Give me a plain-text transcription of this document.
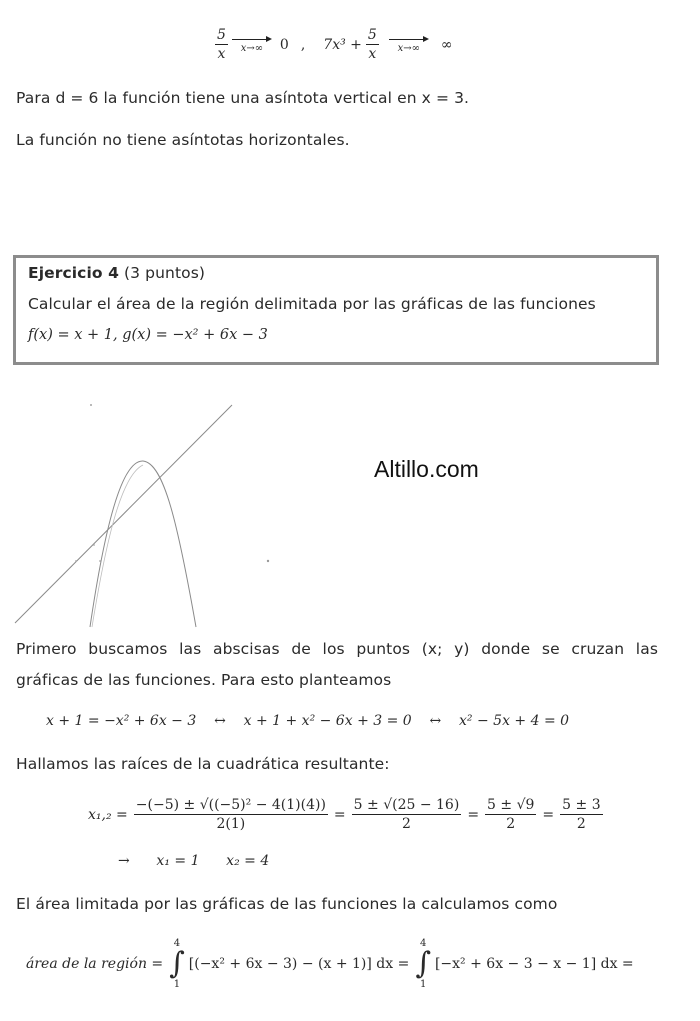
$\frac{5}{x} x\to\infty$ 0 , $7x^3 + \frac{5}{x} x\to\infty$ ∞
Para d = 6 la función tiene una asíntota vertical en x = 3.
La función no tiene asíntotas horizontales.
Ejercicio 4 (3 puntos)
Calcular el área de la región delimitada por las gráficas de las funciones
f(x) = x + 1, g(x) = −x² + 6x − 3
Altillo.com
Primero buscamos las abscisas de los puntos (x; y) donde se cruzan las
gráficas de las funciones. Para esto planteamos
x + 1 = −x² + 6x − 3    ↔    x + 1 + x² − 6x + 3 = 0    ↔    x² − 5x + 4 = 0
Hallamos las raíces de la cuadrática resultante:
$x_1,_2 = \frac{\text{−(−5) ± √((−5)² − 4(1)(4))}}{2(1)} = \frac{5 \pm √(25 - 16)}{2} = \frac{5 \pm √9}{2} = \frac{5 \pm 3}{2}$
→      x₁ = 1      x₂ = 4
El área limitada por las gráficas de las funciones la calculamos como
área de la región =
4
∫
1
[(−x² + 6x − 3) − (x + 1)] dx =
4
∫
1
[−x² + 6x − 3 − x − 1] dx =
